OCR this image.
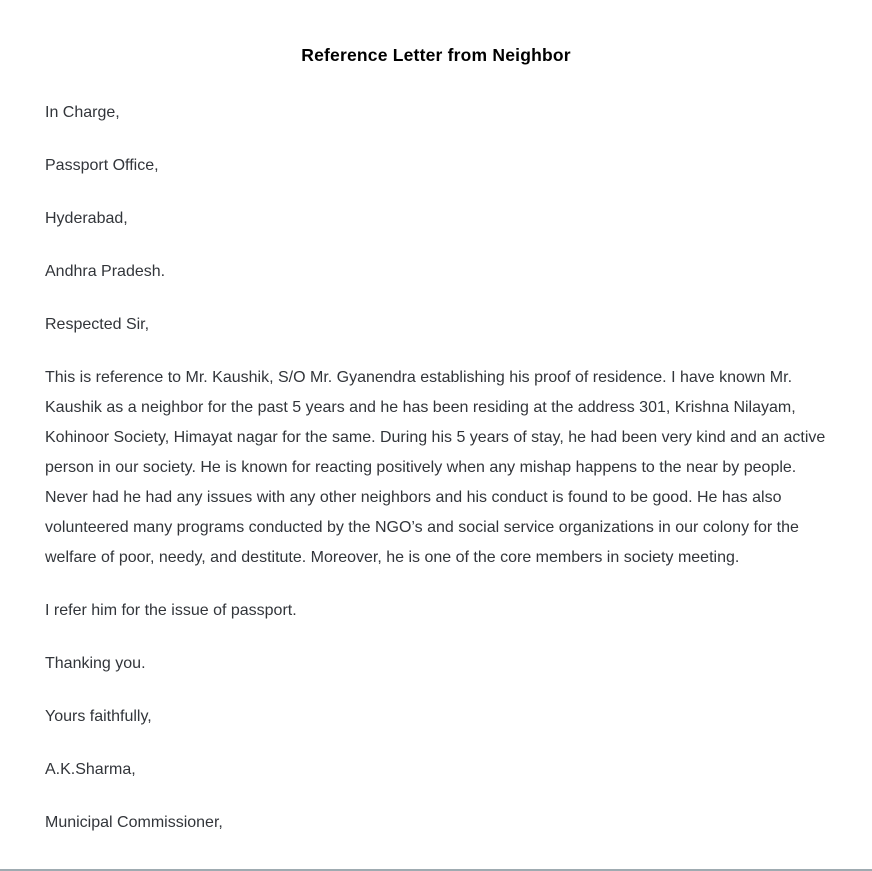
Reference Letter from Neighbor

In Charge,

Passport Office,

Hyderabad,

Andhra Pradesh.

Respected Sir,

This is reference to Mr. Kaushik, S/O Mr. Gyanendra establishing his proof of residence. I have known Mr. Kaushik as a neighbor for the past 5 years and he has been residing at the address 301, Krishna Nilayam, Kohinoor Society, Himayat nagar for the same. During his 5 years of stay, he had been very kind and an active person in our society. He is known for reacting positively when any mishap happens to the near by people. Never had he had any issues with any other neighbors and his conduct is found to be good. He has also volunteered many programs conducted by the NGO’s and social service organizations in our colony for the welfare of poor, needy, and destitute. Moreover, he is one of the core members in society meeting.

I refer him for the issue of passport.

Thanking you.

Yours faithfully,

A.K.Sharma,

Municipal Commissioner,
